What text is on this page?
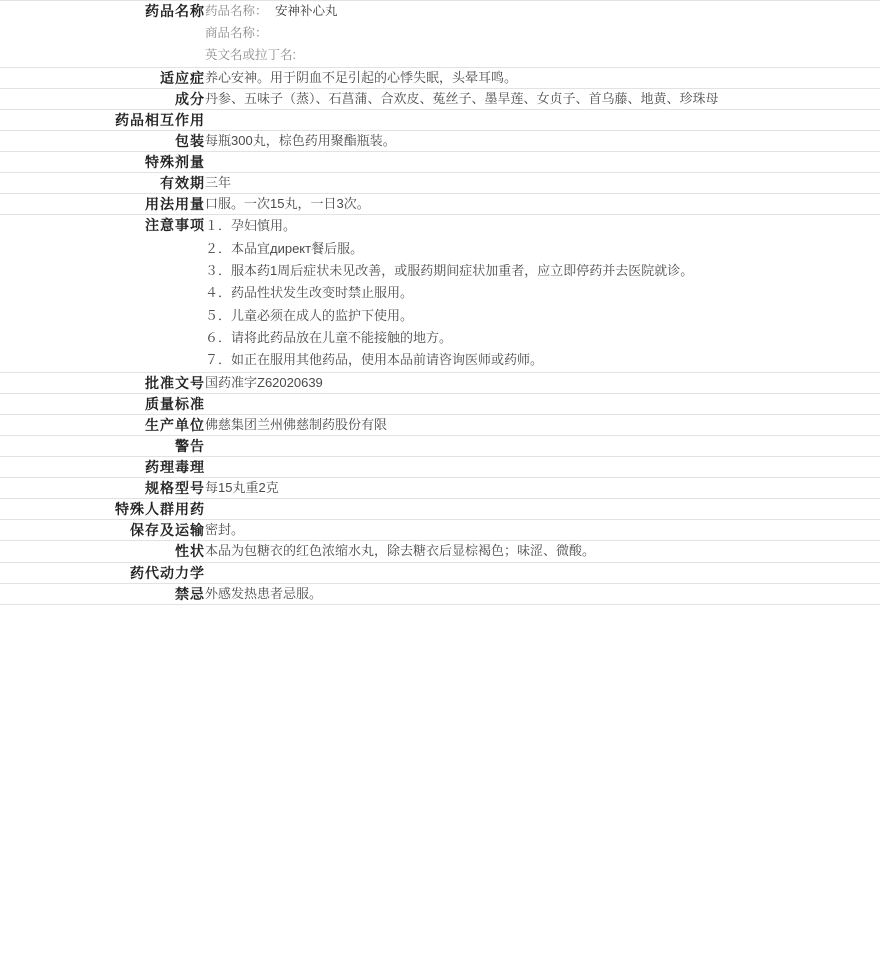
药品名称	药品名称： 安神补心丸
商品名称：
英文名或拉丁名:

适应症	养心安神。用于阴血不足引起的心悸失眠，头晕耳鸣。

成分	丹参、五味子（蒸）、石菖蒲、合欢皮、菟丝子、墨旱莲、女贞子、首乌藤、地黄、珍珠母

药品相互作用	

包装	每瓶300丸，棕色药用聚酯瓶装。

特殊剂量	

有效期	三年

用法用量	口服。一次15丸，一日3次。

注意事项	１．孕妇慎用。
２．本品宜директ餐后服。
３．服本药1周后症状未见改善，或服药期间症状加重者，应立即停药并去医院就诊。
４．药品性状发生改变时禁止服用。
５．儿童必须在成人的监护下使用。
６．请将此药品放在儿童不能接触的地方。
７．如正在服用其他药品，使用本品前请咨询医师或药师。

批准文号	国药准字Z62020639

质量标准	

生产单位	佛慈集团兰州佛慈制药股份有限

警告	

药理毒理	

规格型号	每15丸重2克

特殊人群用药	

保存及运输	密封。

性状	本品为包糖衣的红色浓缩水丸，除去糖衣后显棕褐色；味涩、微酸。

药代动力学	

禁忌	外感发热患者忌服。
